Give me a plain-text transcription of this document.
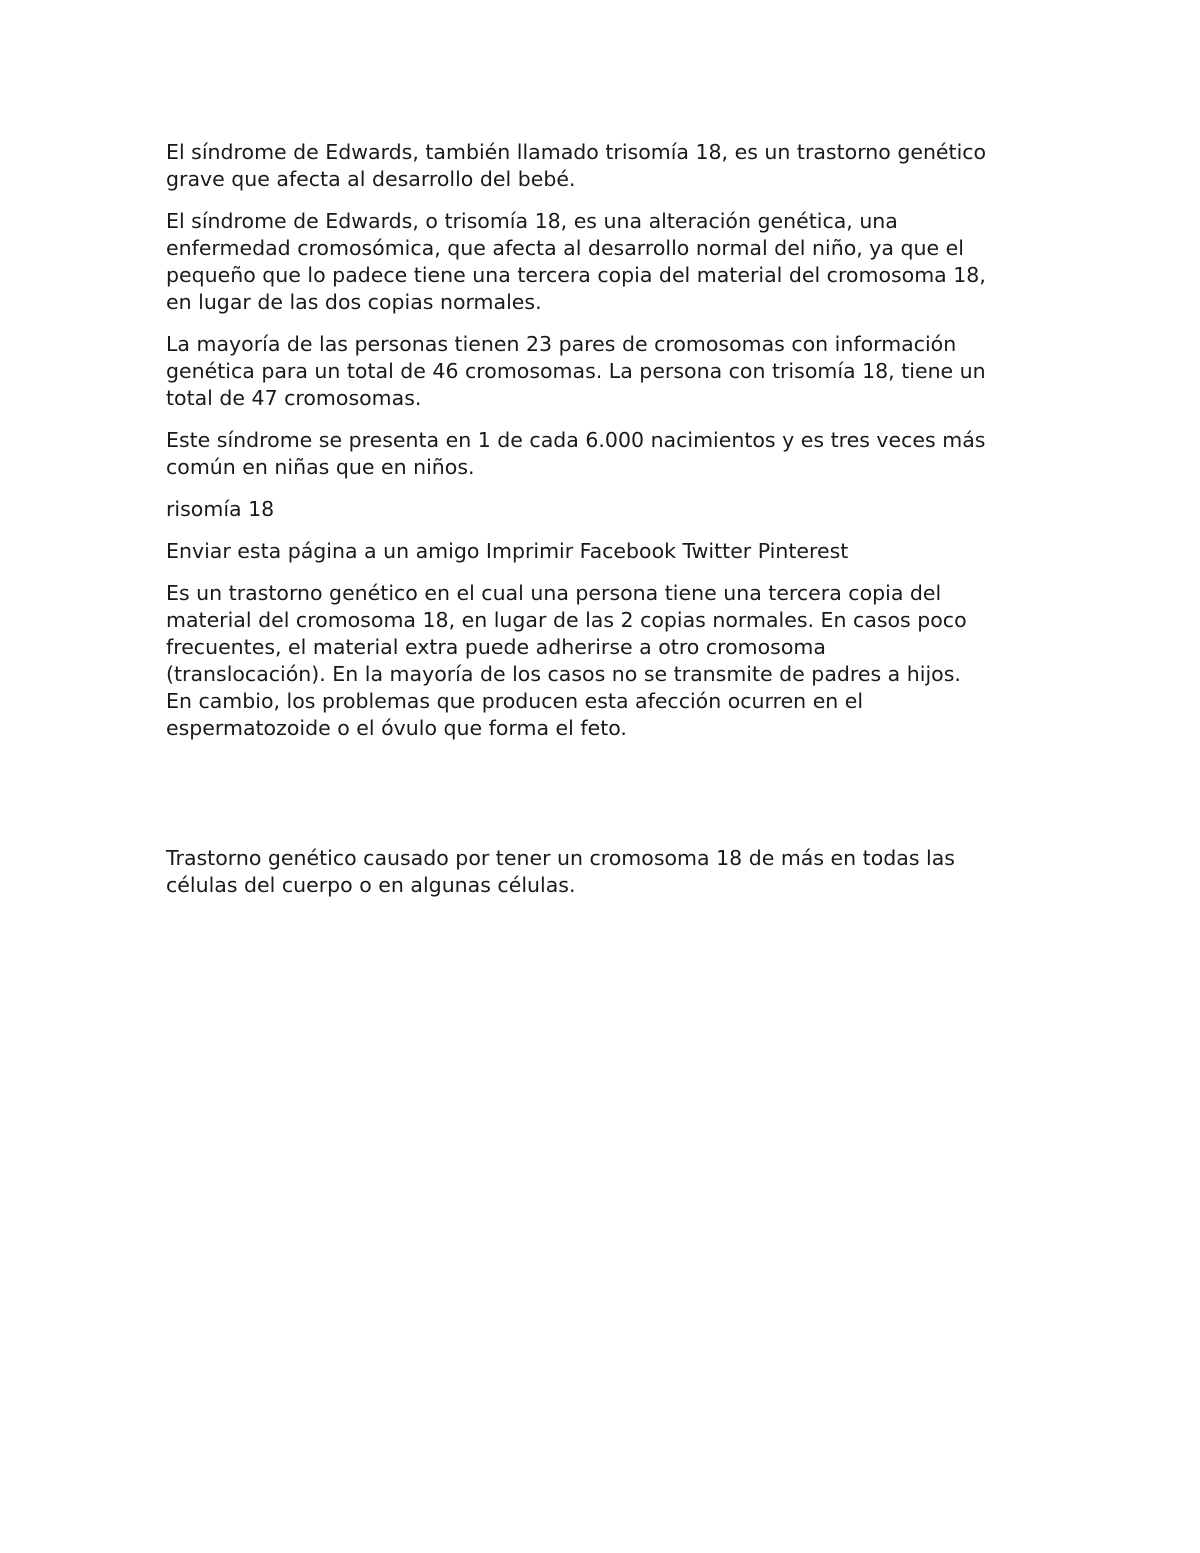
El síndrome de Edwards, también llamado trisomía 18, es un trastorno genético
grave que afecta al desarrollo del bebé.

El síndrome de Edwards, o trisomía 18, es una alteración genética, una
enfermedad cromosómica, que afecta al desarrollo normal del niño, ya que el
pequeño que lo padece tiene una tercera copia del material del cromosoma 18,
en lugar de las dos copias normales.

La mayoría de las personas tienen 23 pares de cromosomas con información
genética para un total de 46 cromosomas. La persona con trisomía 18, tiene un
total de 47 cromosomas.

Este síndrome se presenta en 1 de cada 6.000 nacimientos y es tres veces más
común en niñas que en niños.

risomía 18

Enviar esta página a un amigo Imprimir Facebook Twitter Pinterest

Es un trastorno genético en el cual una persona tiene una tercera copia del
material del cromosoma 18, en lugar de las 2 copias normales. En casos poco
frecuentes, el material extra puede adherirse a otro cromosoma
(translocación). En la mayoría de los casos no se transmite de padres a hijos.
En cambio, los problemas que producen esta afección ocurren en el
espermatozoide o el óvulo que forma el feto.

Trastorno genético causado por tener un cromosoma 18 de más en todas las
células del cuerpo o en algunas células.
